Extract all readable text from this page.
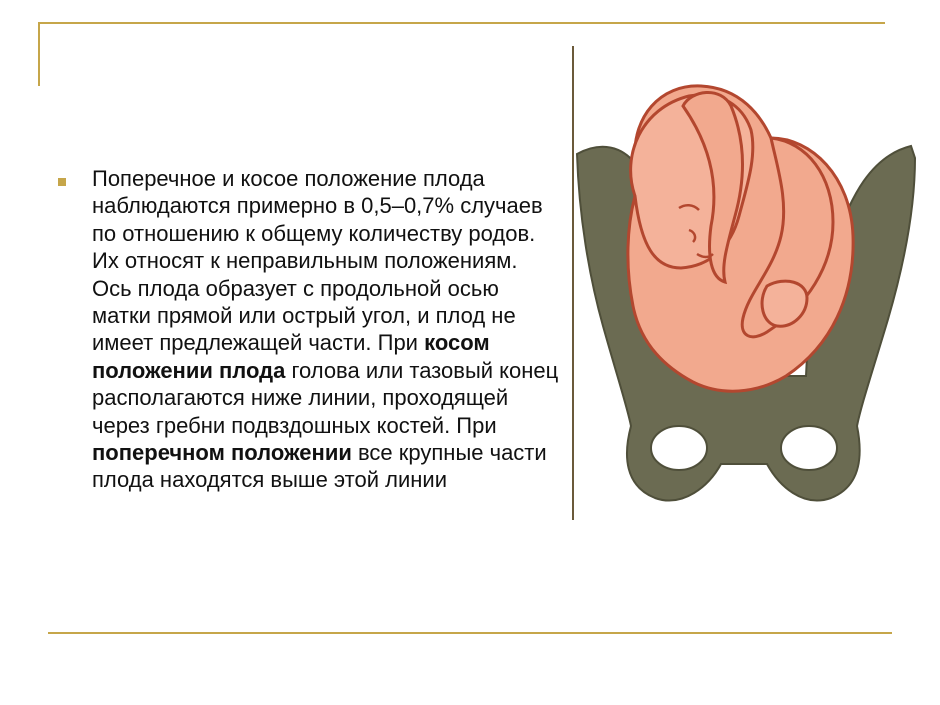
Поперечное и косое положение плода наблюдаются примерно в 0,5–0,7% случаев по отношению к общему количеству родов. Их относят к неправильным положениям. Ось плода образует с продольной осью матки прямой или острый угол, и плод не имеет предлежащей части. При косом положении плода голова или тазовый конец располагаются ниже линии, проходящей через гребни подвздошных костей. При поперечном положении все крупные части плода находятся выше этой линии
